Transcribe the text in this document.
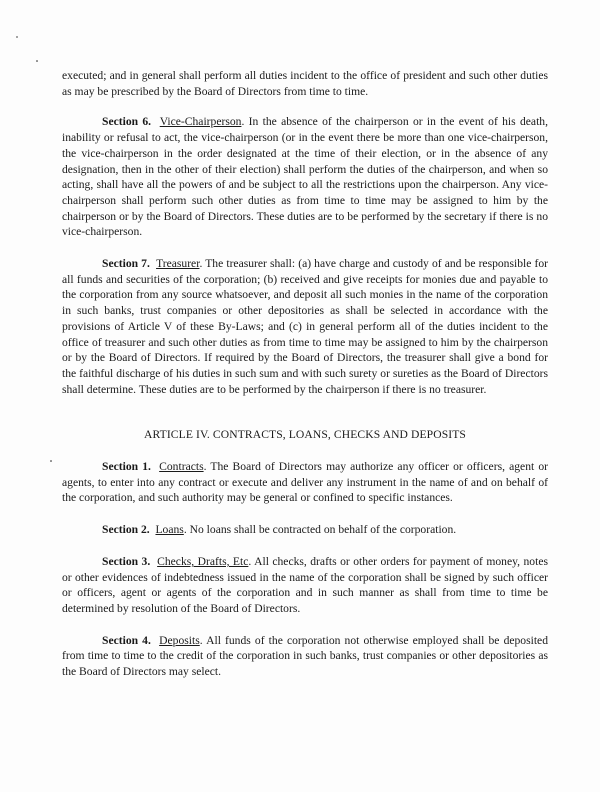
executed; and in general shall perform all duties incident to the office of president and such other duties as may be prescribed by the Board of Directors from time to time.

Section 6. Vice-Chairperson. In the absence of the chairperson or in the event of his death, inability or refusal to act, the vice-chairperson (or in the event there be more than one vice-chairperson, the vice-chairperson in the order designated at the time of their election, or in the absence of any designation, then in the other of their election) shall perform the duties of the chairperson, and when so acting, shall have all the powers of and be subject to all the restrictions upon the chairperson. Any vice-chairperson shall perform such other duties as from time to time may be assigned to him by the chairperson or by the Board of Directors. These duties are to be performed by the secretary if there is no vice-chairperson.

Section 7. Treasurer. The treasurer shall: (a) have charge and custody of and be responsible for all funds and securities of the corporation; (b) received and give receipts for monies due and payable to the corporation from any source whatsoever, and deposit all such monies in the name of the corporation in such banks, trust companies or other depositories as shall be selected in accordance with the provisions of Article V of these By-Laws; and (c) in general perform all of the duties incident to the office of treasurer and such other duties as from time to time may be assigned to him by the chairperson or by the Board of Directors. If required by the Board of Directors, the treasurer shall give a bond for the faithful discharge of his duties in such sum and with such surety or sureties as the Board of Directors shall determine. These duties are to be performed by the chairperson if there is no treasurer.

ARTICLE IV. CONTRACTS, LOANS, CHECKS AND DEPOSITS

Section 1. Contracts. The Board of Directors may authorize any officer or officers, agent or agents, to enter into any contract or execute and deliver any instrument in the name of and on behalf of the corporation, and such authority may be general or confined to specific instances.

Section 2. Loans. No loans shall be contracted on behalf of the corporation.

Section 3. Checks, Drafts, Etc. All checks, drafts or other orders for payment of money, notes or other evidences of indebtedness issued in the name of the corporation shall be signed by such officer or officers, agent or agents of the corporation and in such manner as shall from time to time be determined by resolution of the Board of Directors.

Section 4. Deposits. All funds of the corporation not otherwise employed shall be deposited from time to time to the credit of the corporation in such banks, trust companies or other depositories as the Board of Directors may select.
